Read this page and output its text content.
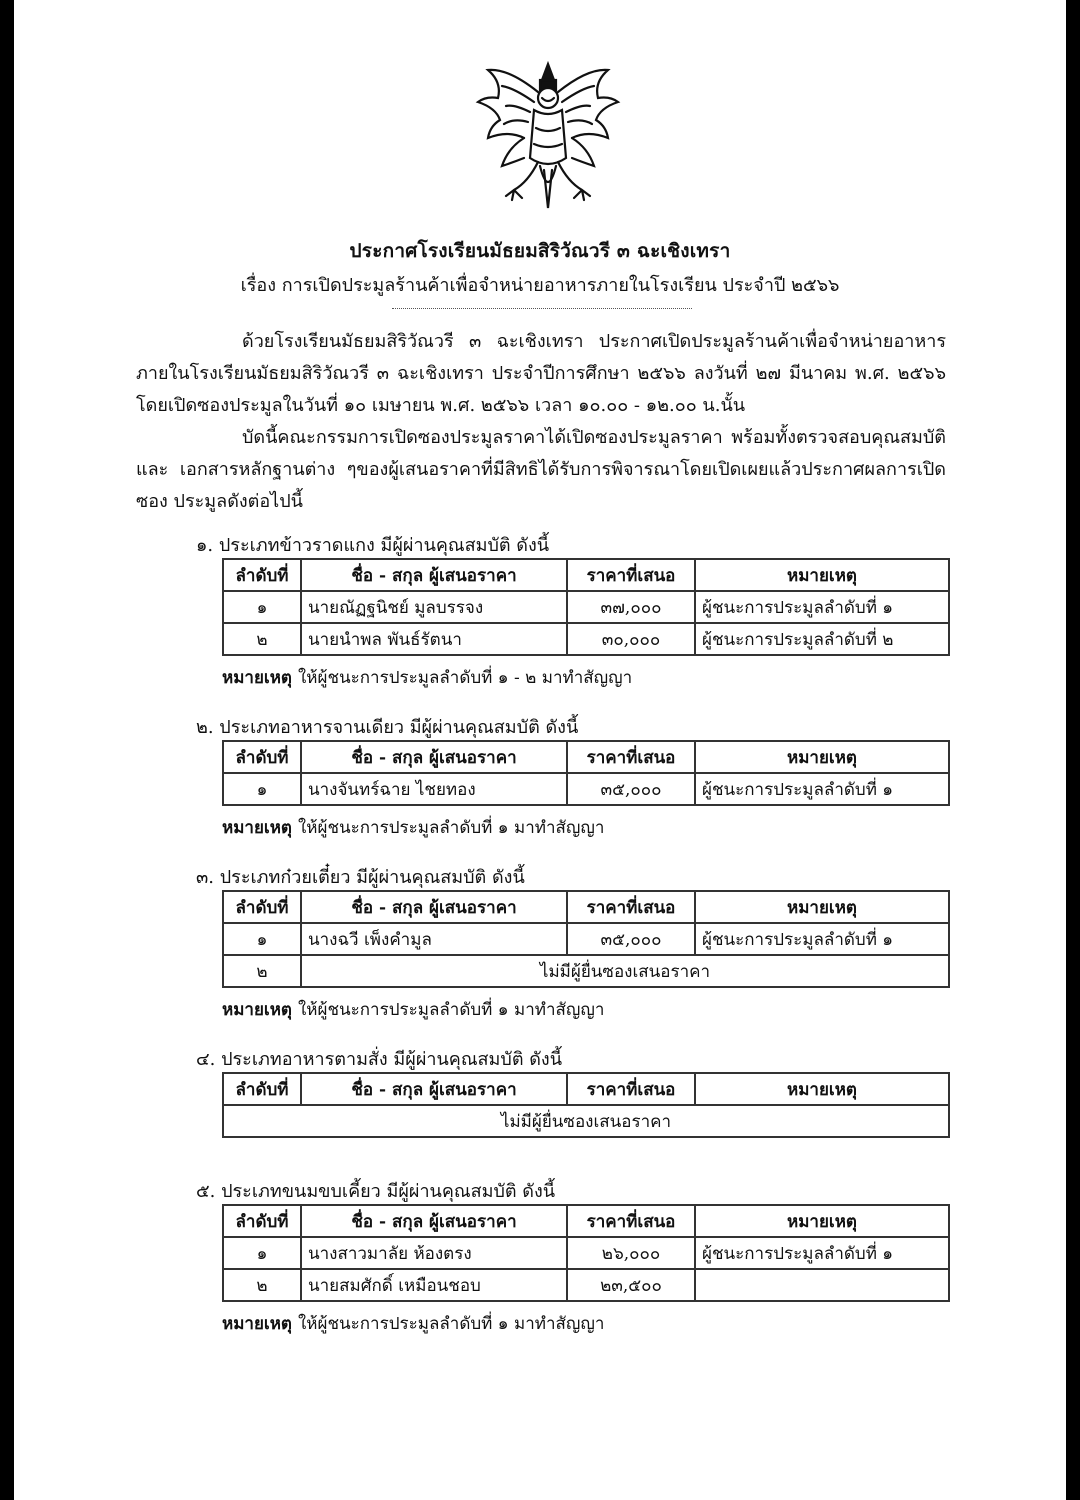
ประกาศโรงเรียนมัธยมสิริวัณวรี ๓ ฉะเชิงเทรา
เรื่อง การเปิดประมูลร้านค้าเพื่อจำหน่ายอาหารภายในโรงเรียน ประจำปี ๒๕๖๖

ด้วยโรงเรียนมัธยมสิริวัณวรี ๓ ฉะเชิงเทรา ประกาศเปิดประมูลร้านค้าเพื่อจำหน่ายอาหาร ภายในโรงเรียนมัธยมสิริวัณวรี ๓ ฉะเชิงเทรา ประจำปีการศึกษา ๒๕๖๖ ลงวันที่ ๒๗ มีนาคม พ.ศ. ๒๕๖๖ โดยเปิดซองประมูลในวันที่ ๑๐ เมษายน พ.ศ. ๒๕๖๖ เวลา ๑๐.๐๐ - ๑๒.๐๐ น.นั้น

บัดนี้คณะกรรมการเปิดซองประมูลราคาได้เปิดซองประมูลราคา พร้อมทั้งตรวจสอบคุณสมบัติ และ เอกสารหลักฐานต่าง ๆของผู้เสนอราคาที่มีสิทธิได้รับการพิจารณาโดยเปิดเผยแล้วประกาศผลการเปิดซอง ประมูลดังต่อไปนี้

๑. ประเภทข้าวราดแกง มีผู้ผ่านคุณสมบัติ ดังนี้
ลำดับที่	ชื่อ - สกุล ผู้เสนอราคา	ราคาที่เสนอ	หมายเหตุ
๑	นายณัฏฐนิชย์ มูลบรรจง	๓๗,๐๐๐	ผู้ชนะการประมูลลำดับที่ ๑
๒	นายนำพล พันธ์รัตนา	๓๐,๐๐๐	ผู้ชนะการประมูลลำดับที่ ๒
หมายเหตุ ให้ผู้ชนะการประมูลลำดับที่ ๑ - ๒ มาทำสัญญา
๒. ประเภทอาหารจานเดียว มีผู้ผ่านคุณสมบัติ ดังนี้
ลำดับที่	ชื่อ - สกุล ผู้เสนอราคา	ราคาที่เสนอ	หมายเหตุ
๑	นางจันทร์ฉาย ไชยทอง	๓๕,๐๐๐	ผู้ชนะการประมูลลำดับที่ ๑
หมายเหตุ ให้ผู้ชนะการประมูลลำดับที่ ๑ มาทำสัญญา
๓. ประเภทก๋วยเตี๋ยว มีผู้ผ่านคุณสมบัติ ดังนี้
ลำดับที่	ชื่อ - สกุล ผู้เสนอราคา	ราคาที่เสนอ	หมายเหตุ
๑	นางฉวี เพ็งคำมูล	๓๕,๐๐๐	ผู้ชนะการประมูลลำดับที่ ๑
๒	ไม่มีผู้ยื่นซองเสนอราคา		
หมายเหตุ ให้ผู้ชนะการประมูลลำดับที่ ๑ มาทำสัญญา
๔. ประเภทอาหารตามสั่ง มีผู้ผ่านคุณสมบัติ ดังนี้
ลำดับที่	ชื่อ - สกุล ผู้เสนอราคา	ราคาที่เสนอ	หมายเหตุ
ไม่มีผู้ยื่นซองเสนอราคา
๕. ประเภทขนมขบเคี้ยว มีผู้ผ่านคุณสมบัติ ดังนี้
ลำดับที่	ชื่อ - สกุล ผู้เสนอราคา	ราคาที่เสนอ	หมายเหตุ
๑	นางสาวมาลัย ห้องตรง	๒๖,๐๐๐	ผู้ชนะการประมูลลำดับที่ ๑
๒	นายสมศักดิ์ เหมือนชอบ	๒๓,๕๐๐	
หมายเหตุ ให้ผู้ชนะการประมูลลำดับที่ ๑ มาทำสัญญา
